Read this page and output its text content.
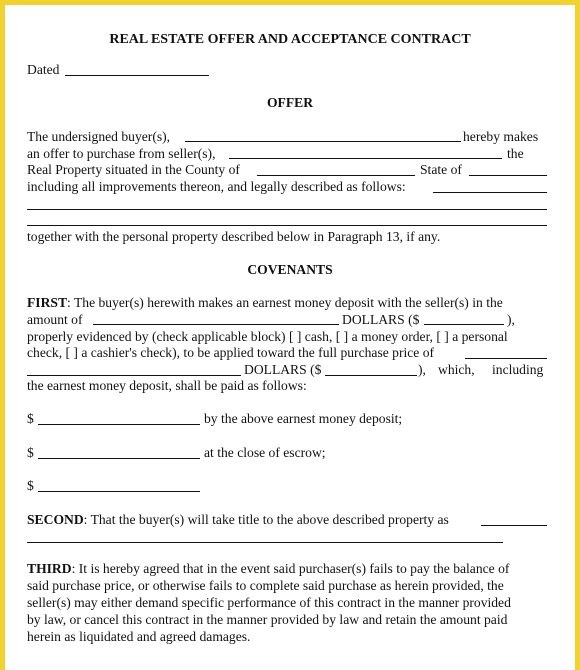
REAL ESTATE OFFER AND ACCEPTANCE CONTRACT
Dated
OFFER
The undersigned buyer(s),	hereby makes
an offer to purchase from seller(s),	the
Real Property situated in the County of	State of
including all improvements thereon, and legally described as follows:
together with the personal property described below in Paragraph 13, if any.
COVENANTS
FIRST: The buyer(s) herewith makes an earnest money deposit with the seller(s) in the
amount of	DOLLARS ($	),
properly evidenced by (check applicable block) [ ] cash, [ ] a money order, [ ] a personal
check, [ ] a cashier's check), to be applied toward the full purchase price of
DOLLARS ($	), which, including
the earnest money deposit, shall be paid as follows:
$	by the above earnest money deposit;
$	at the close of escrow;
$
SECOND: That the buyer(s) will take title to the above described property as
THIRD: It is hereby agreed that in the event said purchaser(s) fails to pay the balance of
said purchase price, or otherwise fails to complete said purchase as herein provided, the
seller(s) may either demand specific performance of this contract in the manner provided
by law, or cancel this contract in the manner provided by law and retain the amount paid
herein as liquidated and agreed damages.
